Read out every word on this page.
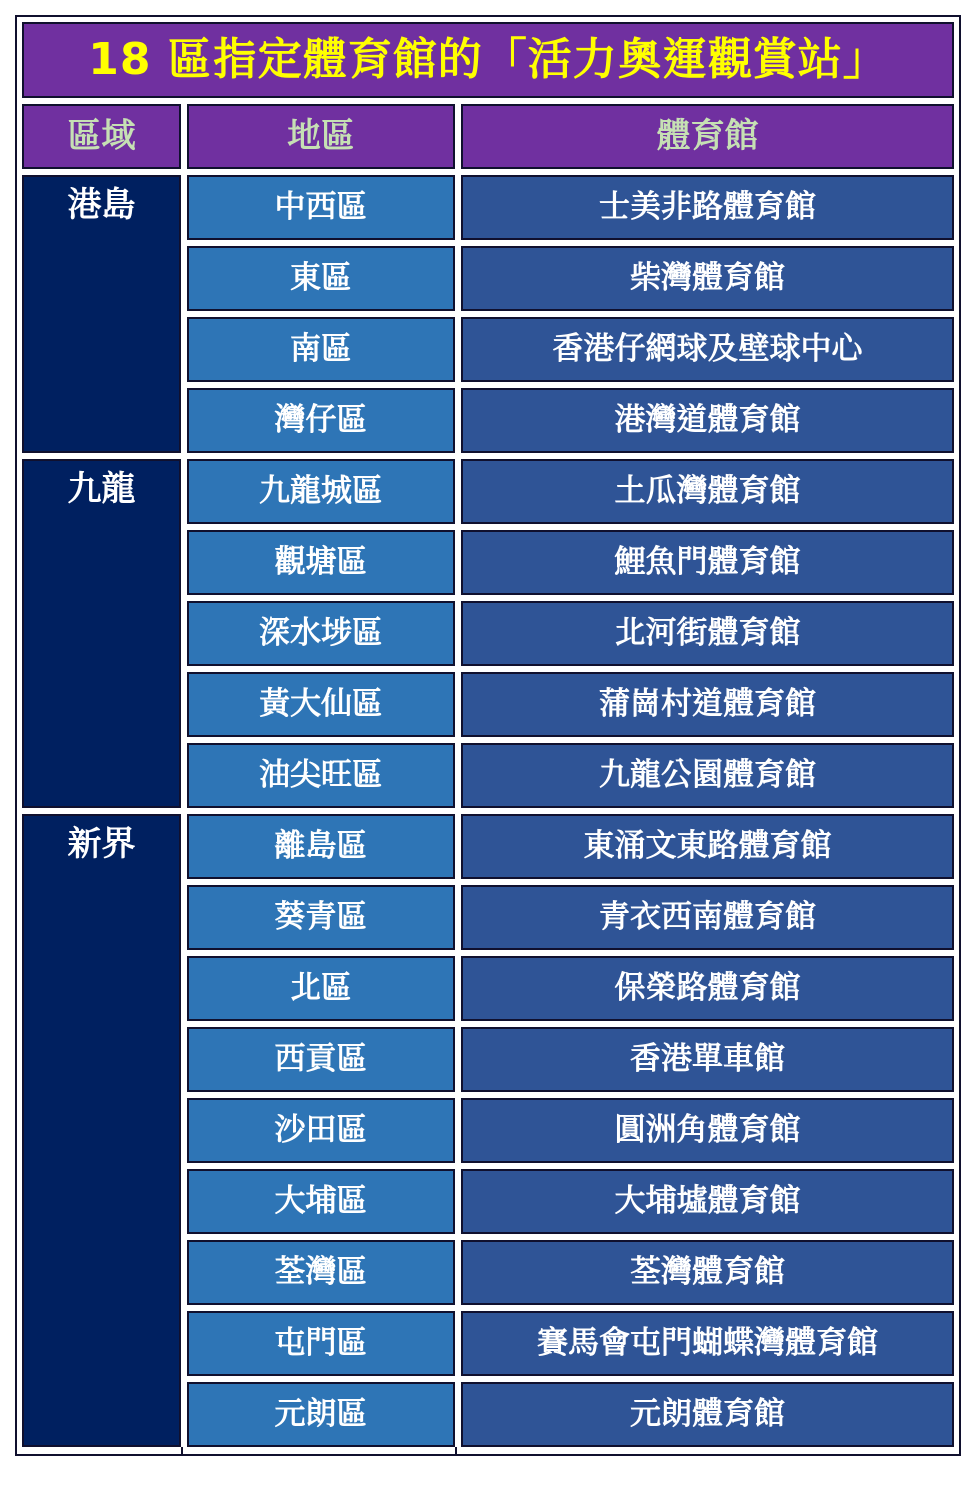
18 區指定體育館的「活力奧運觀賞站」
區域	地區	體育館
港島	中西區	士美非路體育館
東區	柴灣體育館
南區	香港仔網球及壁球中心
灣仔區	港灣道體育館
九龍	九龍城區	土瓜灣體育館
觀塘區	鯉魚門體育館
深水埗區	北河街體育館
黃大仙區	蒲崗村道體育館
油尖旺區	九龍公園體育館
新界	離島區	東涌文東路體育館
葵青區	青衣西南體育館
北區	保榮路體育館
西貢區	香港單車館
沙田區	圓洲角體育館
大埔區	大埔墟體育館
荃灣區	荃灣體育館
屯門區	賽馬會屯門蝴蝶灣體育館
元朗區	元朗體育館
